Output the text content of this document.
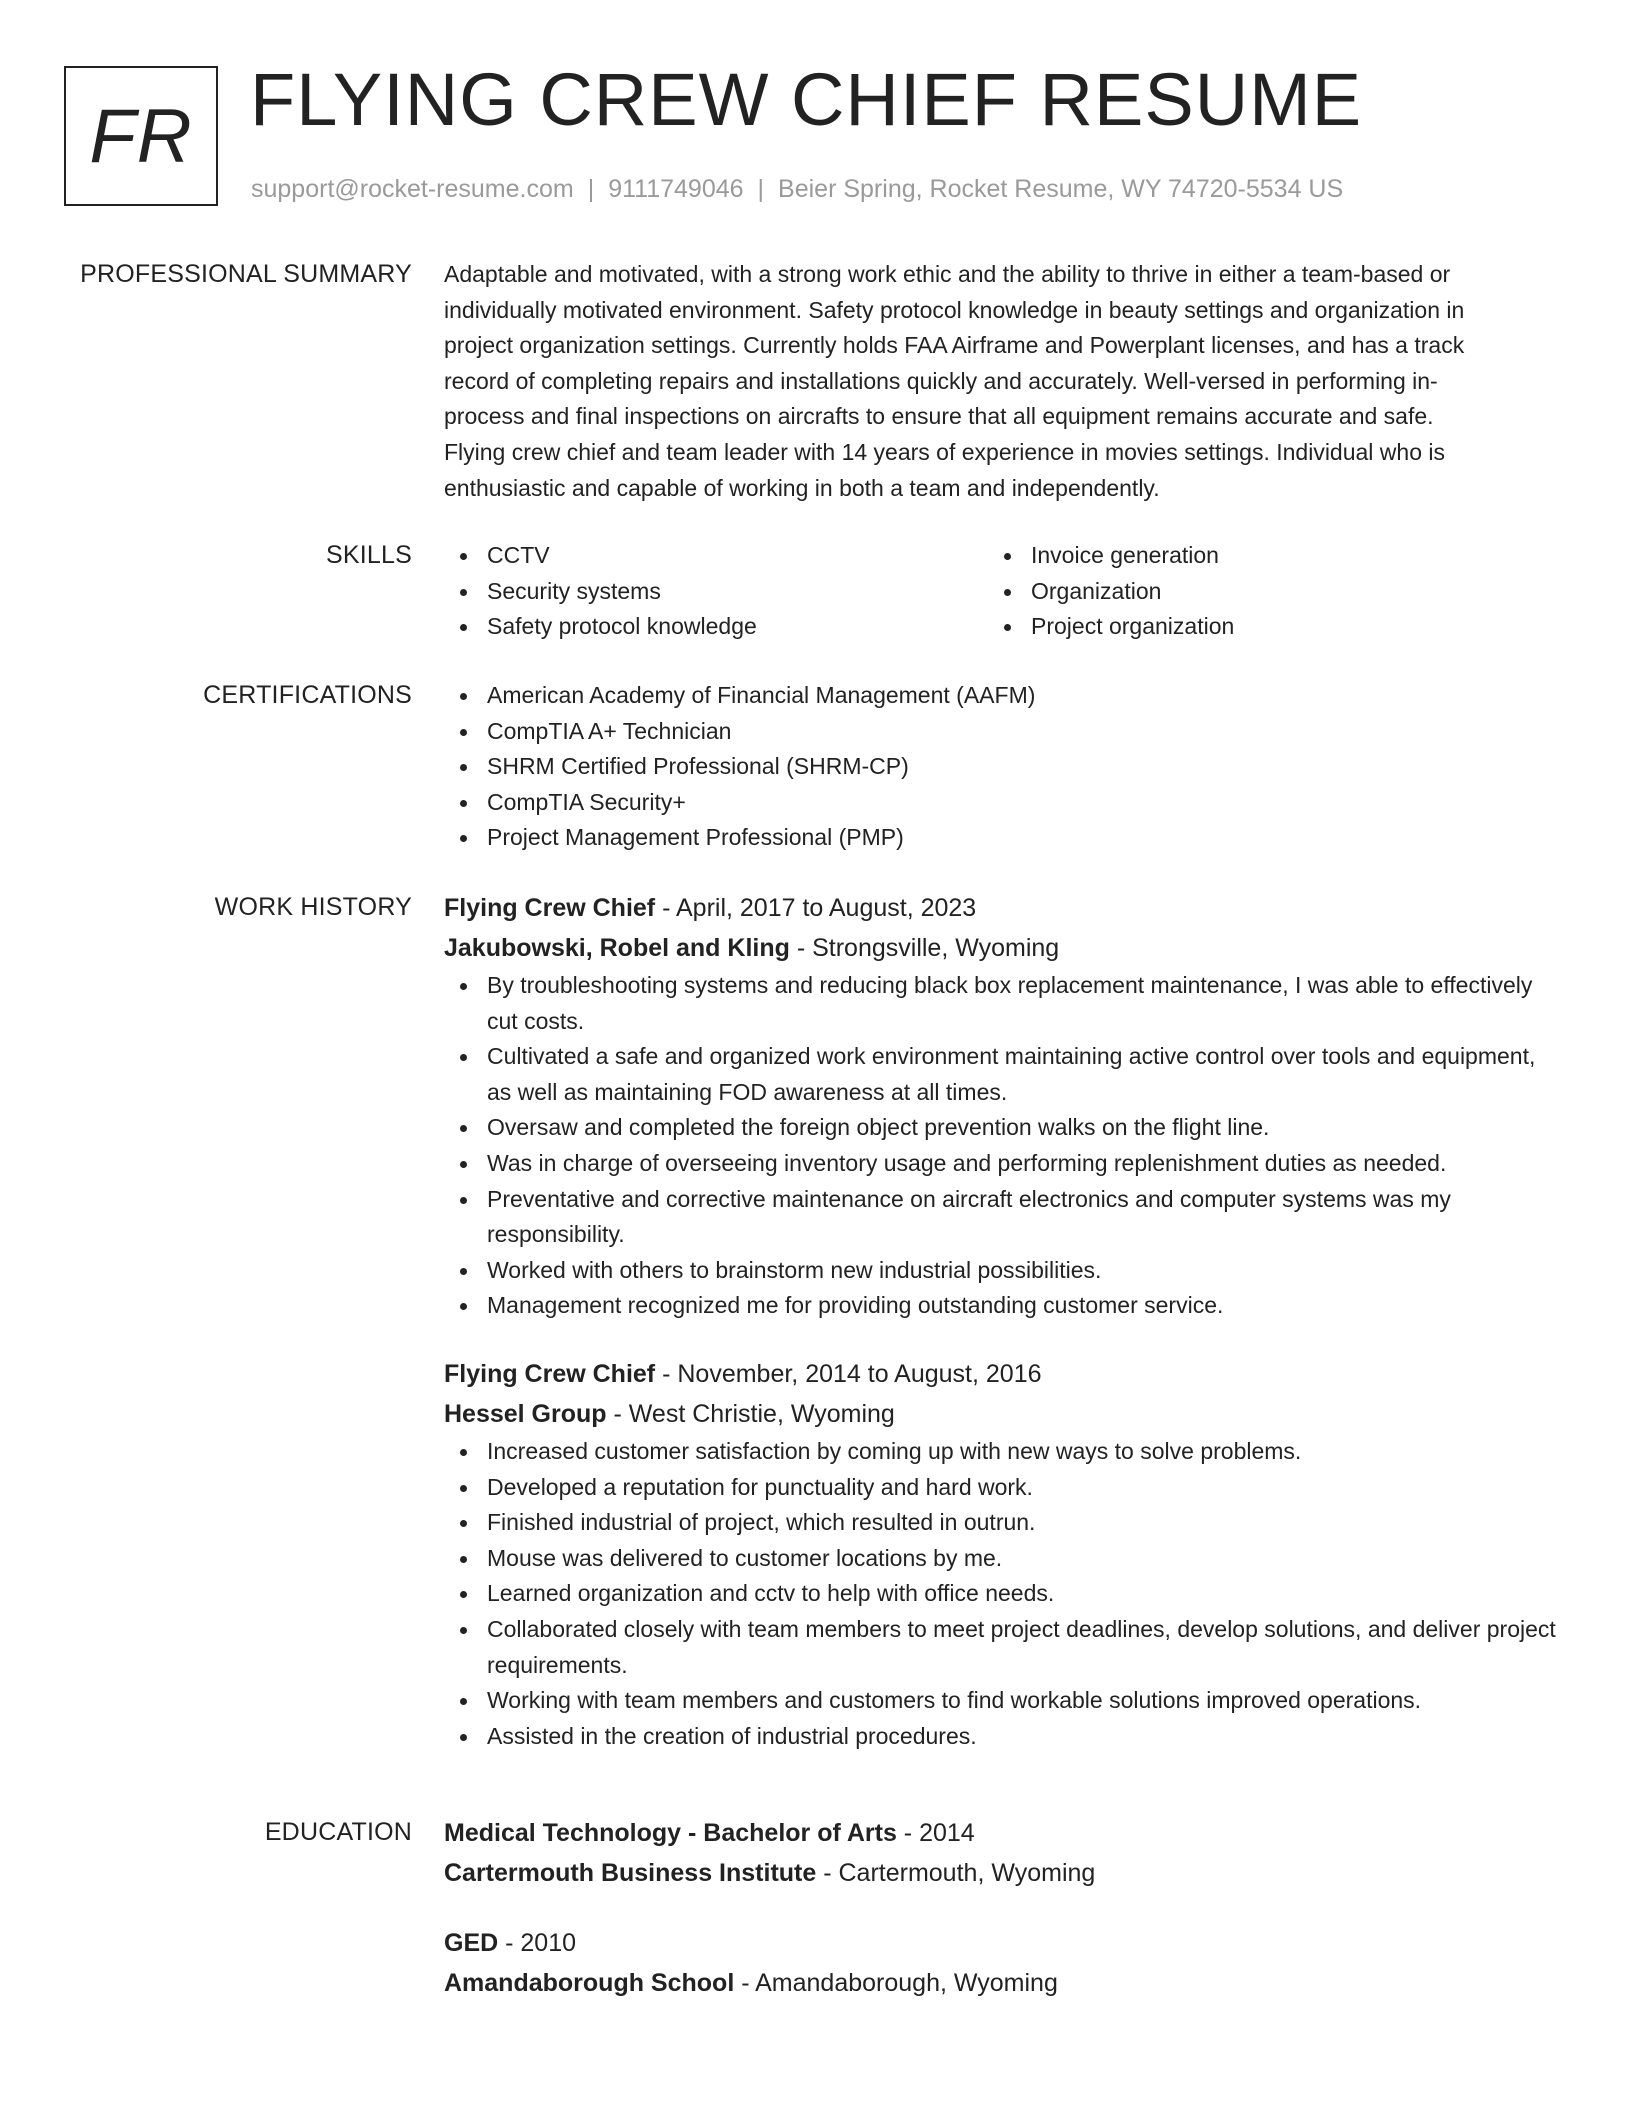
FR FLYING CREW CHIEF RESUME
support@rocket-resume.com | 9111749046 | Beier Spring, Rocket Resume, WY 74720-5534 US
PROFESSIONAL SUMMARY Adaptable and motivated, with a strong work ethic and the ability to thrive in either a team-based or

individually motivated environment. Safety protocol knowledge in beauty settings and organization in

project organization settings. Currently holds FAA Airframe and Powerplant licenses, and has a track

record of completing repairs and installations quickly and accurately. Well-versed in performing in-

process and final inspections on aircrafts to ensure that all equipment remains accurate and safe.

Flying crew chief and team leader with 14 years of experience in movies settings. Individual who is

enthusiastic and capable of working in both a team and independently.

SKILLS	CCTV
Security systems
Safety protocol knowledge
Invoice generation
Organization
Project organization
CERTIFICATIONS	American Academy of Financial Management (AAFM)
CompTIA A+ Technician
SHRM Certified Professional (SHRM-CP)
CompTIA Security+
Project Management Professional (PMP)
WORK HISTORY Flying Crew Chief - April, 2017 to August, 2023
Jakubowski, Robel and Kling - Strongsville, Wyoming
By troubleshooting systems and reducing black box replacement maintenance, I was able to effectively cut costs.
Cultivated a safe and organized work environment maintaining active control over tools and equipment, as well as maintaining FOD awareness at all times.
Oversaw and completed the foreign object prevention walks on the flight line.
Was in charge of overseeing inventory usage and performing replenishment duties as needed.
Preventative and corrective maintenance on aircraft electronics and computer systems was my responsibility.
Worked with others to brainstorm new industrial possibilities.
Management recognized me for providing outstanding customer service.
Flying Crew Chief - November, 2014 to August, 2016
Hessel Group - West Christie, Wyoming
Increased customer satisfaction by coming up with new ways to solve problems.
Developed a reputation for punctuality and hard work.
Finished industrial of project, which resulted in outrun.
Mouse was delivered to customer locations by me.
Learned organization and cctv to help with office needs.
Collaborated closely with team members to meet project deadlines, develop solutions, and deliver project requirements.
Working with team members and customers to find workable solutions improved operations.
Assisted in the creation of industrial procedures.
EDUCATION Medical Technology - Bachelor of Arts - 2014
Cartermouth Business Institute - Cartermouth, Wyoming
GED - 2010
Amandaborough School - Amandaborough, Wyoming
